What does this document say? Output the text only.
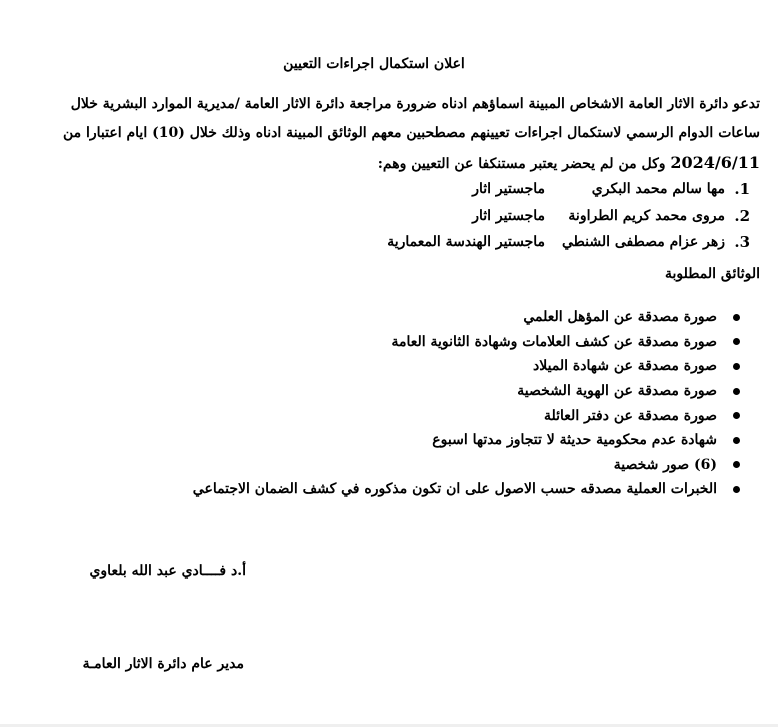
اعلان استكمال اجراءات التعيين
تدعو دائرة الاثار العامة الاشخاص المبينة اسماؤهم ادناه ضرورة مراجعة دائرة الاثار العامة /مديرية الموارد البشرية خلال
ساعات الدوام الرسمي لاستكمال اجراءات تعيينهم مصطحبين معهم الوثائق المبينة ادناه وذلك خلال (10) ايام اعتبارا من
2024/6/11 وكل من لم يحضر يعتبر مستنكفا عن التعيين وهم:
1.
مها سالم محمد البكري
ماجستير اثار
2.
مروى محمد كريم الطراونة
ماجستير اثار
3.
زهر عزام مصطفى الشنطي
ماجستير الهندسة المعمارية
الوثائق المطلوبة
صورة مصدقة عن المؤهل العلمي
صورة مصدقة عن كشف العلامات وشهادة الثانوية العامة
صورة مصدقة عن شهادة الميلاد
صورة مصدقة عن الهوية الشخصية
صورة مصدقة عن دفتر العائلة
شهادة عدم محكومية حديثة لا تتجاوز مدتها اسبوع
(6) صور شخصية
الخبرات العملية مصدقه حسب الاصول على ان تكون مذكوره في كشف الضمان الاجتماعي
أ.د فــــادي عبد الله بلعاوي
مدير عام دائرة الاثار العامـة
